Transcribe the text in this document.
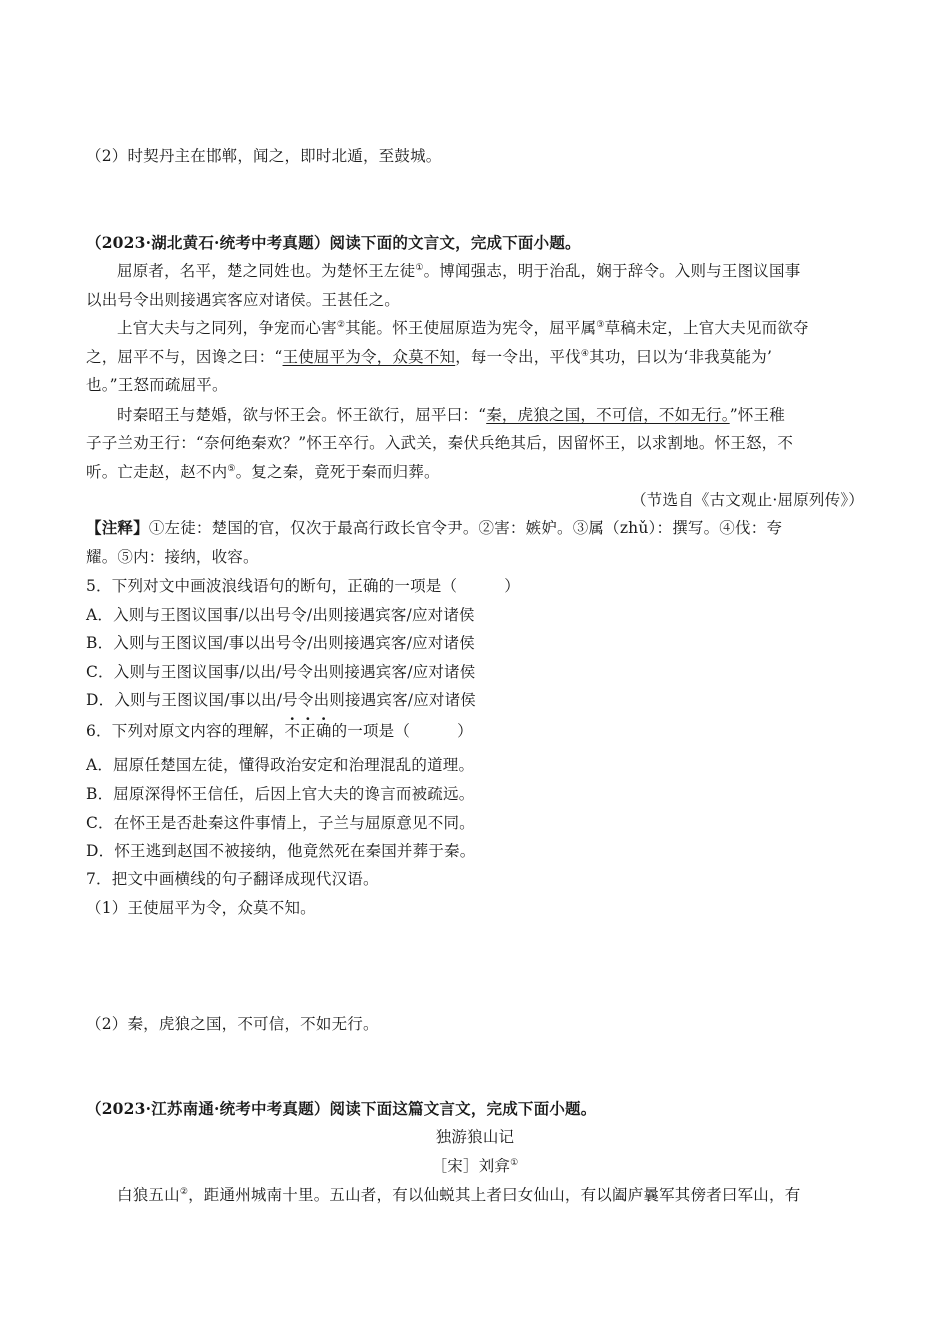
（2）时契丹主在邯郸，闻之，即时北遁，至鼓城。
（2023·湖北黄石·统考中考真题）阅读下面的文言文，完成下面小题。
屈原者，名平，楚之同姓也。为楚怀王左徒①。博闻强志，明于治乱，娴于辞令。入则与王图议国事
以出号令出则接遇宾客应对诸侯。王甚任之。
上官大夫与之同列，争宠而心害②其能。怀王使屈原造为宪令，屈平属③草稿未定，上官大夫见而欲夺
之，屈平不与，因谗之曰：“王使屈平为令，众莫不知，每一令出，平伐④其功，曰以为‘非我莫能为’
也。”王怒而疏屈平。
时秦昭王与楚婚，欲与怀王会。怀王欲行，屈平曰：“秦，虎狼之国，不可信，不如无行。”怀王稚
子子兰劝王行：“奈何绝秦欢？”怀王卒行。入武关，秦伏兵绝其后，因留怀王，以求割地。怀王怒，不
听。亡走赵，赵不内⑤。复之秦，竟死于秦而归葬。
（节选自《古文观止·屈原列传》）
【注释】①左徒：楚国的官，仅次于最高行政长官令尹。②害：嫉妒。③属（zhǔ）：撰写。④伐：夸
耀。⑤内：接纳，收容。
5．下列对文中画波浪线语句的断句，正确的一项是（　　　）
A．入则与王图议国事/以出号令/出则接遇宾客/应对诸侯
B．入则与王图议国/事以出号令/出则接遇宾客/应对诸侯
C．入则与王图议国事/以出/号令出则接遇宾客/应对诸侯
D．入则与王图议国/事以出/号令出则接遇宾客/应对诸侯
6．下列对原文内容的理解，不正确的一项是（　　　）
A．屈原任楚国左徒，懂得政治安定和治理混乱的道理。
B．屈原深得怀王信任，后因上官大夫的谗言而被疏远。
C．在怀王是否赴秦这件事情上，子兰与屈原意见不同。
D．怀王逃到赵国不被接纳，他竟然死在秦国并葬于秦。
7．把文中画横线的句子翻译成现代汉语。
（1）王使屈平为令，众莫不知。
（2）秦，虎狼之国，不可信，不如无行。
（2023·江苏南通·统考中考真题）阅读下面这篇文言文，完成下面小题。
独游狼山记
［宋］刘弇①
白狼五山②，距通州城南十里。五山者，有以仙蜕其上者曰女仙山，有以阖庐曩军其傍者曰军山，有
